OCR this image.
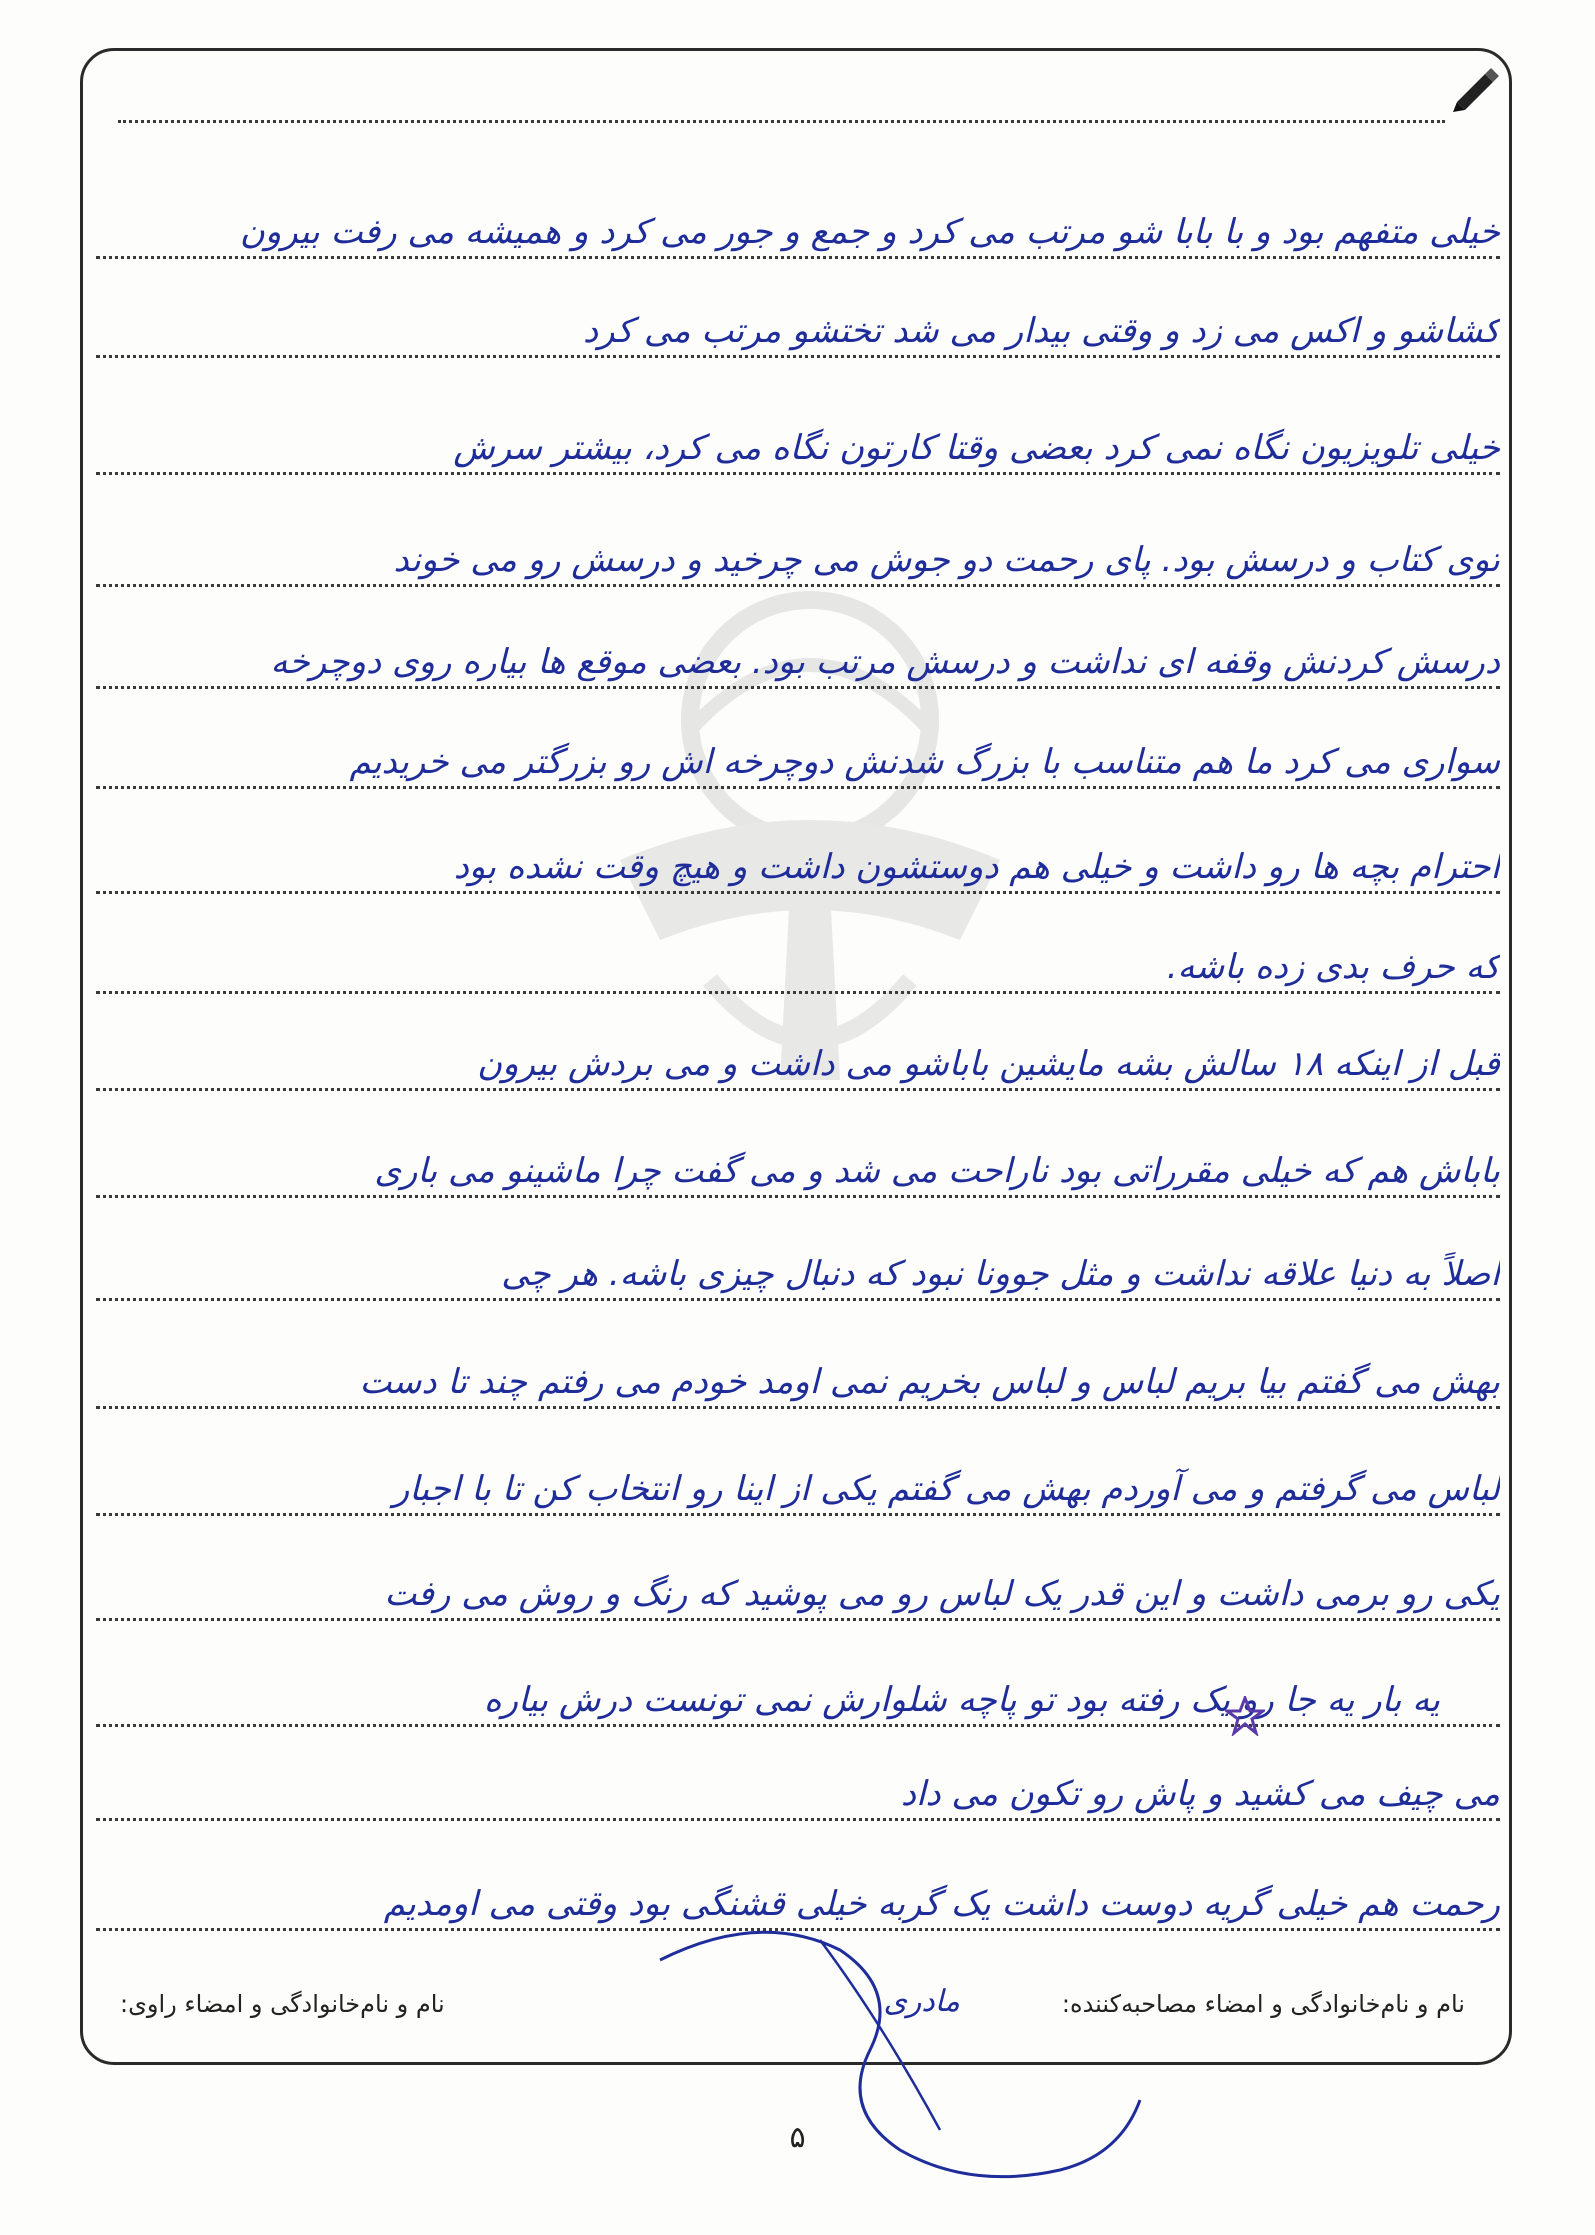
خیلی متفهم بود و با بابا شو مرتب می کرد و جمع و جور می کرد و همیشه می رفت بیرون
کشاشو و اکس می زد و وقتی بیدار می شد تختشو مرتب می کرد
خیلی تلویزیون نگاه نمی کرد بعضی وقتا کارتون نگاه می کرد، بیشتر سرش
توی کتاب و درسش بود. پای رحمت دو جوش می چرخید و درسش رو می خوند
درسش کردنش وقفه ای نداشت و درسش مرتب بود. بعضی موقع ها بیاره روی دوچرخه
سواری می کرد ما هم متناسب با بزرگ شدنش دوچرخه اش رو بزرگتر می خریدیم
احترام بچه ها رو داشت و خیلی هم دوستشون داشت و هیچ وقت نشده بود
که حرف بدی زده باشه.
قبل از اینکه ۱۸ سالش بشه مایشین باباشو می داشت و می بردش بیرون
باباش هم که خیلی مقرراتی بود ناراحت می شد و می گفت چرا ماشینو می باری
اصلاً به دنیا علاقه نداشت و مثل جوونا نبود که دنبال چیزی باشه. هر چی
بهش می گفتم بیا بریم لباس و لباس بخریم نمی اومد خودم می رفتم چند تا دست
لباس می گرفتم و می آوردم بهش می گفتم یکی از اینا رو انتخاب کن تا با اجبار
یکی رو برمی داشت و این قدر یک لباس رو می پوشید که رنگ و روش می رفت
یه بار یه جا رو یک رفته بود تو پاچه شلوارش نمی تونست درش بیاره
می چیف می کشید و پاش رو تکون می داد
رحمت هم خیلی گریه دوست داشت یک گربه خیلی قشنگی بود وقتی می اومدیم
نام و نام‌خانوادگی و امضاء مصاحبه‌کننده:
مادری
نام و نام‌خانوادگی و امضاء راوی:
۵
